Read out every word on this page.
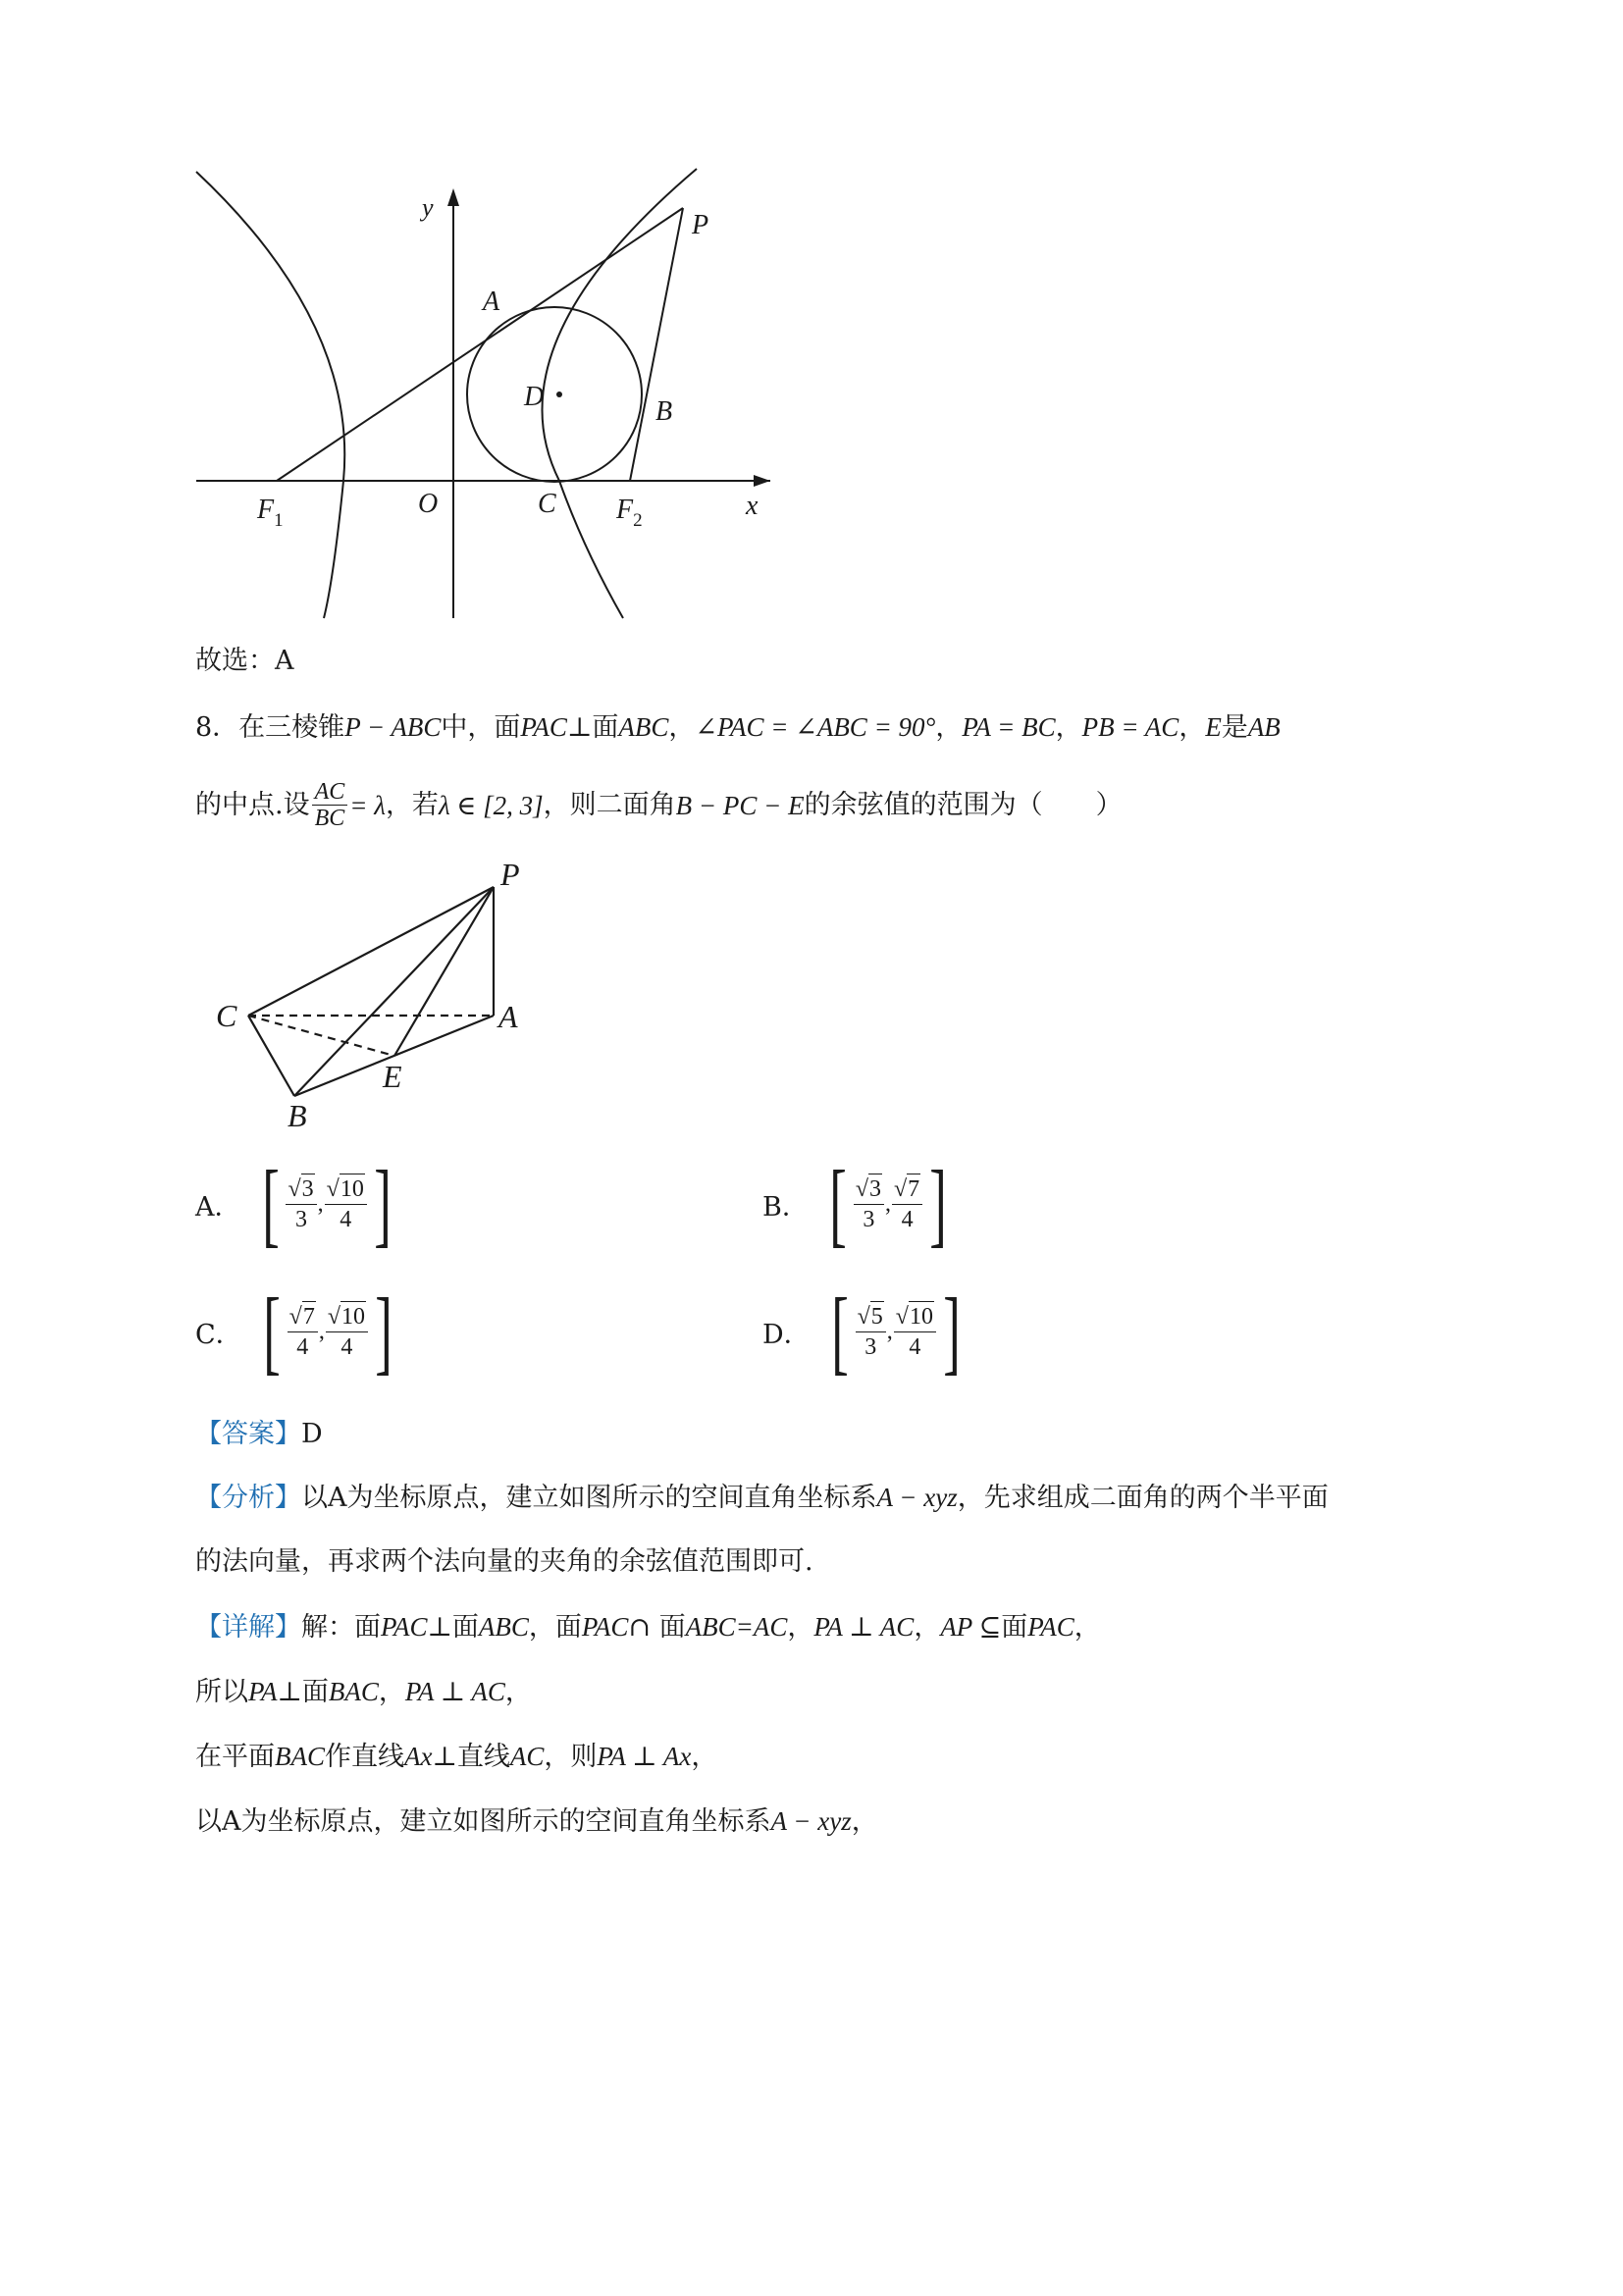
y
P
A
D	B
$F_1$
O	C $F_2$	x
故选：A
8．在三棱锥P − ABC中，面PAC⊥面ABC，∠PAC = ∠ABC = 90°，PA = BC，PB = AC，E是AB
的中点.设 $\frac{AC}{BC} = \lambda$ ，若 λ ∈ [2, 3] ，则二面角 B − PC − E 的余弦值的范围为（　　）
P
C	A
E
B
A． [ √3
3
,
√10
4 ]	B． [ √3
3
,
√7
4 ]
C． [ √7
4
,
√10
4 ]	D． [ √5
3
,
√10
4 ]
【答案】D
【分析】以A为坐标原点，建立如图所示的空间直角坐标系A − xyz，先求组成二面角的两个半平面
的法向量，再求两个法向量的夹角的余弦值范围即可.
【详解】解：面PAC⊥面ABC，面PAC∩ 面ABC=AC，PA ⊥ AC，AP ⊆面PAC，
所以PA⊥面BAC，PA ⊥ AC，
在平面BAC作直线Ax⊥直线AC，则PA ⊥ Ax，
以A为坐标原点，建立如图所示的空间直角坐标系A − xyz，
